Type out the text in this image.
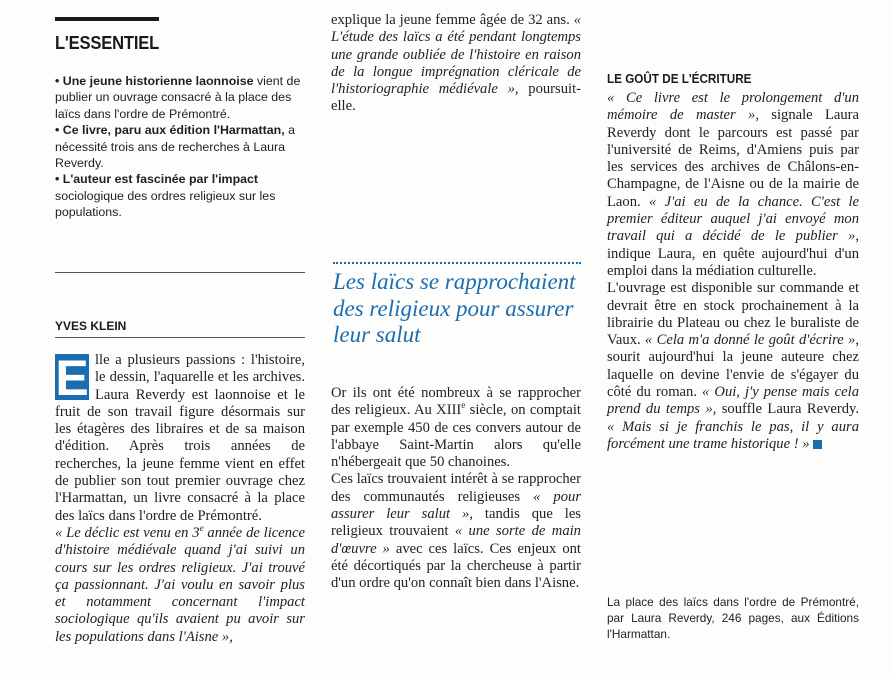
L'ESSENTIEL
• Une jeune historienne laonnoise vient de publier un ouvrage consacré à la place des laïcs dans l'ordre de Prémontré.
• Ce livre, paru aux édition l'Harmattan, a nécessité trois ans de recherches à Laura Reverdy.
• L'auteur est fascinée par l'impact sociologique des ordres religieux sur les populations.

YVES KLEIN

E lle a plusieurs passions : l'histoire, le dessin, l'aquarelle et les archives. Laura Reverdy est laonnoise et le fruit de son travail figure désormais sur les étagères des libraires et de sa maison d'édition. Après trois années de recherches, la jeune femme vient en effet de publier son tout premier ouvrage chez l'Harmattan, un livre consacré à la place des laïcs dans l'ordre de Prémontré.

« Le déclic est venu en 3e année de licence d'histoire médiévale quand j'ai suivi un cours sur les ordres religieux. J'ai trouvé ça passionnant. J'ai voulu en savoir plus et notamment concernant l'impact sociologique qu'ils avaient pu avoir sur les populations dans l'Aisne »,

explique la jeune femme âgée de 32 ans. « L'étude des laïcs a été pendant longtemps une grande oubliée de l'histoire en raison de la longue imprégnation cléricale de l'historiographie médiévale », poursuit-elle.

Les laïcs se rapprochaient des religieux pour assurer leur salut

Or ils ont été nombreux à se rapprocher des religieux. Au XIIIe siècle, on comptait par exemple 450 de ces convers autour de l'abbaye Saint-Martin alors qu'elle n'hébergeait que 50 chanoines.

Ces laïcs trouvaient intérêt à se rapprocher des communautés religieuses « pour assurer leur salut », tandis que les religieux trouvaient « une sorte de main d'œuvre » avec ces laïcs. Ces enjeux ont été décortiqués par la chercheuse à partir d'un ordre qu'on connaît bien dans l'Aisne.

LE GOÛT DE L'ÉCRITURE

« Ce livre est le prolongement d'un mémoire de master », signale Laura Reverdy dont le parcours est passé par l'université de Reims, d'Amiens puis par les services des archives de Châlons-en-Champagne, de l'Aisne ou de la mairie de Laon. « J'ai eu de la chance. C'est le premier éditeur auquel j'ai envoyé mon travail qui a décidé de le publier », indique Laura, en quête aujourd'hui d'un emploi dans la médiation culturelle.

L'ouvrage est disponible sur commande et devrait être en stock prochainement à la librairie du Plateau ou chez le buraliste de Vaux. « Cela m'a donné le goût d'écrire », sourit aujourd'hui la jeune auteure chez laquelle on devine l'envie de s'égayer du côté du roman. « Oui, j'y pense mais cela prend du temps », souffle Laura Reverdy. « Mais si je franchis le pas, il y aura forcément une trame historique ! »

La place des laïcs dans l'ordre de Prémontré, par Laura Reverdy, 246 pages, aux Éditions l'Harmattan.
